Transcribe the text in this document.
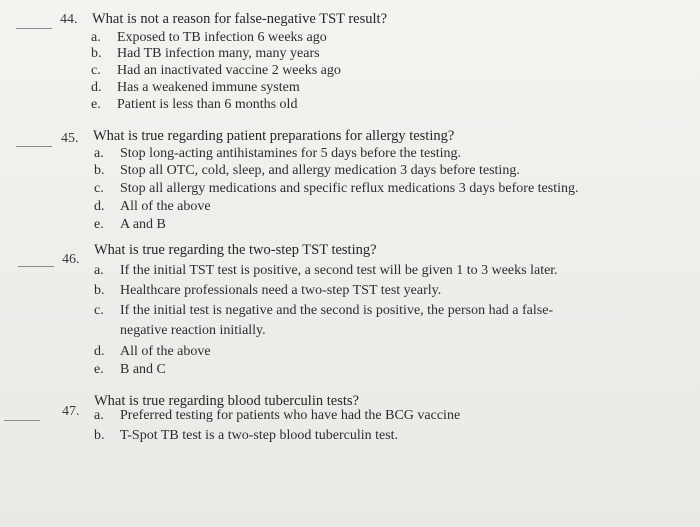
44. What is not a reason for false-negative TST result?
a. Exposed to TB infection 6 weeks ago
b. Had TB infection many, many years
c. Had an inactivated vaccine 2 weeks ago
d. Has a weakened immune system
e. Patient is less than 6 months old
45. What is true regarding patient preparations for allergy testing?
a. Stop long-acting antihistamines for 5 days before the testing.
b. Stop all OTC, cold, sleep, and allergy medication 3 days before testing.
c. Stop all allergy medications and specific reflux medications 3 days before testing.
d. All of the above
e. A and B
46.
What is true regarding the two-step TST testing?
a. If the initial TST test is positive, a second test will be given 1 to 3 weeks later.
b. Healthcare professionals need a two-step TST test yearly.
c. If the initial test is negative and the second is positive, the person had a false-
negative reaction initially.
d. All of the above
e. B and C
47.
What is true regarding blood tuberculin tests?
a. Preferred testing for patients who have had the BCG vaccine
b. T-Spot TB test is a two-step blood tuberculin test.
